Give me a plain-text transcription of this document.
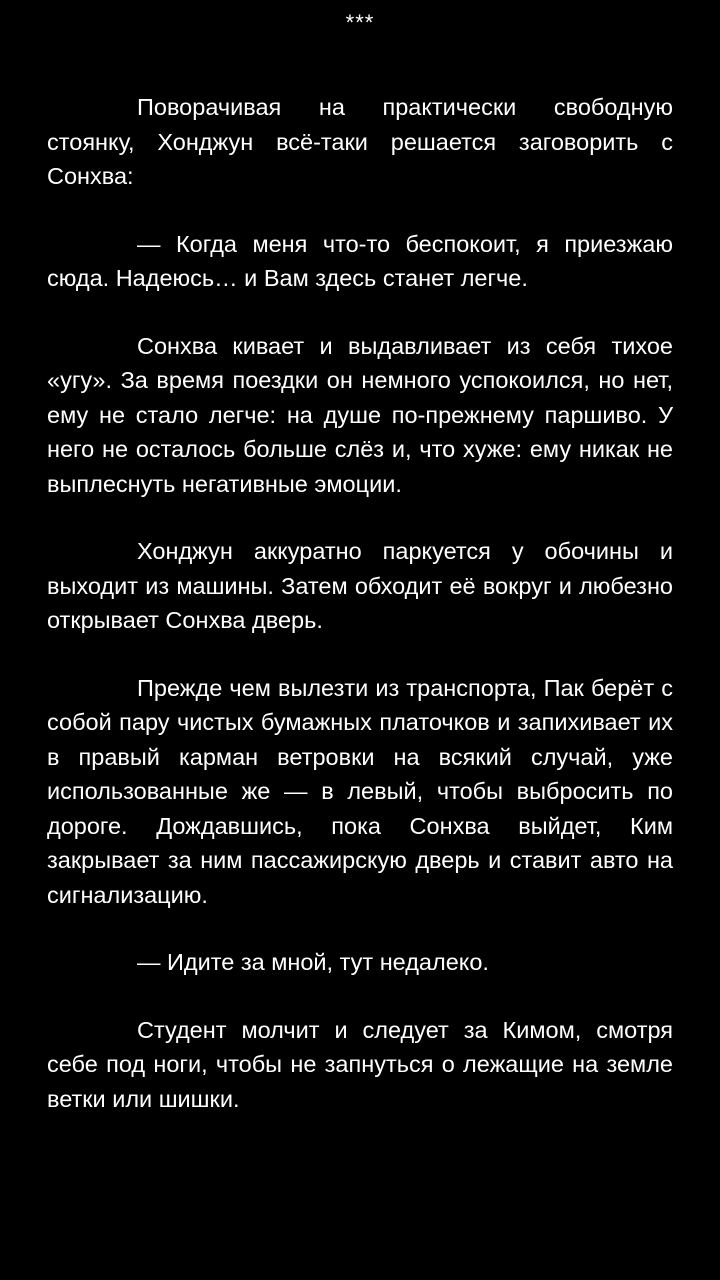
***

Поворачивая на практически свободную стоянку, Хонджун всё-таки решается заговорить с Сонхва:

— Когда меня что-то беспокоит, я приезжаю сюда. Надеюсь… и Вам здесь станет легче.

Сонхва кивает и выдавливает из себя тихое «угу». За время поездки он немного успокоился, но нет, ему не стало легче: на душе по-прежнему паршиво. У него не осталось больше слёз и, что хуже: ему никак не выплеснуть негативные эмоции.

Хонджун аккуратно паркуется у обочины и выходит из машины. Затем обходит её вокруг и любезно открывает Сонхва дверь.

Прежде чем вылезти из транспорта, Пак берёт с собой пару чистых бумажных платочков и запихивает их в правый карман ветровки на всякий случай, уже использованные же — в левый, чтобы выбросить по дороге. Дождавшись, пока Сонхва выйдет, Ким закрывает за ним пассажирскую дверь и ставит авто на сигнализацию.

— Идите за мной, тут недалеко.

Студент молчит и следует за Кимом, смотря себе под ноги, чтобы не запнуться о лежащие на земле ветки или шишки.
